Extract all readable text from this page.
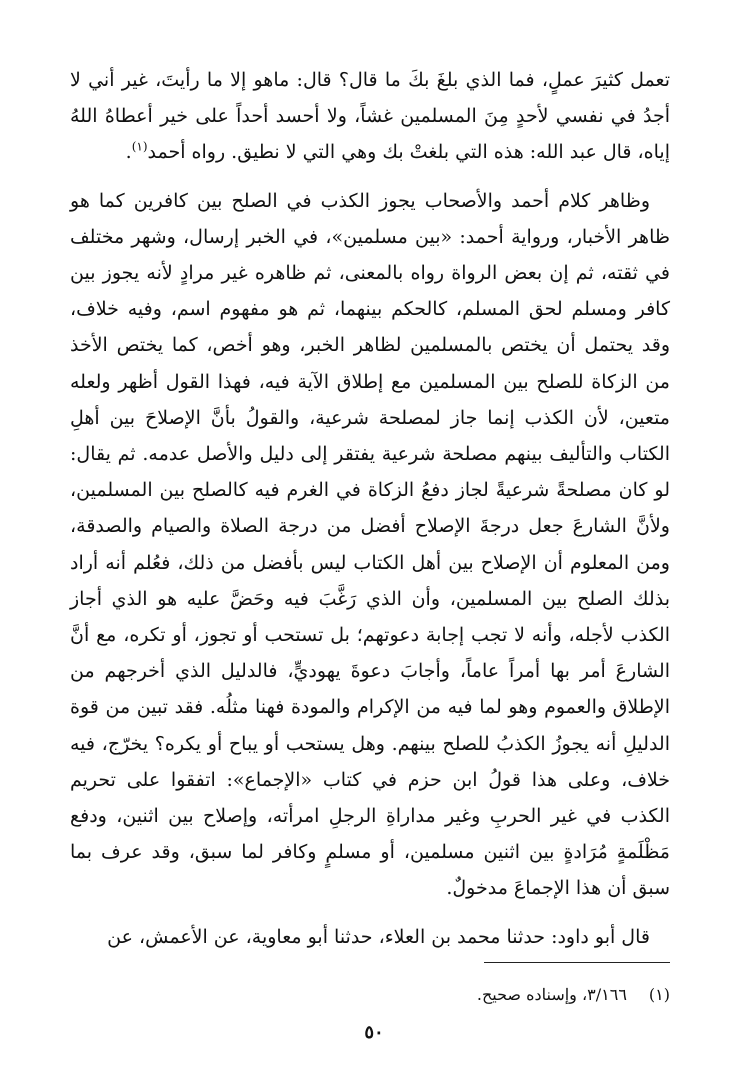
تعمل كثيرَ عملٍ، فما الذي بلغَ بكَ ما قال؟ قال: ماهو إلا ما رأيتَ، غير أني لا أجدُ في نفسي لأحدٍ مِنَ المسلمين غشاً، ولا أحسد أحداً على خير أعطاهُ اللهُ إياه، قال عبد الله: هذه التي بلغتْ بك وهي التي لا نطيق. رواه أحمد$^{(١)}$.

وظاهر كلام أحمد والأصحاب يجوز الكذب في الصلح بين كافرين كما هو ظاهر الأخبار، ورواية أحمد: «بين مسلمين»، في الخبر إرسال، وشهر مختلف في ثقته، ثم إن بعض الرواة رواه بالمعنى، ثم ظاهره غير مرادٍ لأنه يجوز بين كافر ومسلم لحق المسلم، كالحكم بينهما، ثم هو مفهوم اسم، وفيه خلاف، وقد يحتمل أن يختص بالمسلمين لظاهر الخبر، وهو أخص، كما يختص الأخذ من الزكاة للصلح بين المسلمين مع إطلاق الآية فيه، فهذا القول أظهر ولعله متعين، لأن الكذب إنما جاز لمصلحة شرعية، والقولُ بأنَّ الإصلاحَ بين أهلِ الكتاب والتأليف بينهم مصلحة شرعية يفتقر إلى دليل والأصل عدمه. ثم يقال: لو كان مصلحةً شرعيةً لجاز دفعُ الزكاة في الغرم فيه كالصلح بين المسلمين، ولأنَّ الشارعَ جعل درجةَ الإصلاح أفضل من درجة الصلاة والصيام والصدقة، ومن المعلوم أن الإصلاح بين أهل الكتاب ليس بأفضل من ذلك، فعُلم أنه أراد بذلك الصلح بين المسلمين، وأن الذي رَغَّبَ فيه وحَضَّ عليه هو الذي أجاز الكذب لأجله، وأنه لا تجب إجابة دعوتهم؛ بل تستحب أو تجوز، أو تكره، مع أنَّ الشارعَ أمر بها أمراً عاماً، وأجابَ دعوةَ يهوديٍّ، فالدليل الذي أخرجهم من الإطلاق والعموم وهو لما فيه من الإكرام والمودة فهنا مثلُه. فقد تبين من قوة الدليلِ أنه يجوزُ الكذبُ للصلح بينهم. وهل يستحب أو يباح أو يكره؟ يخرّج، فيه خلاف، وعلى هذا قولُ ابن حزم في كتاب «الإجماع»: اتفقوا على تحريم الكذب في غير الحربِ وغير مداراةِ الرجلِ امرأته، وإصلاح بين اثنين، ودفع مَظْلَمةٍ مُرَادةٍ بين اثنين مسلمين، أو مسلمٍ وكافر لما سبق، وقد عرف بما سبق أن هذا الإجماعَ مدخولٌ.

قال أبو داود: حدثنا محمد بن العلاء، حدثنا أبو معاوية، عن الأعمش، عن

(١)٣/١٦٦، وإسناده صحيح.
٥٠
